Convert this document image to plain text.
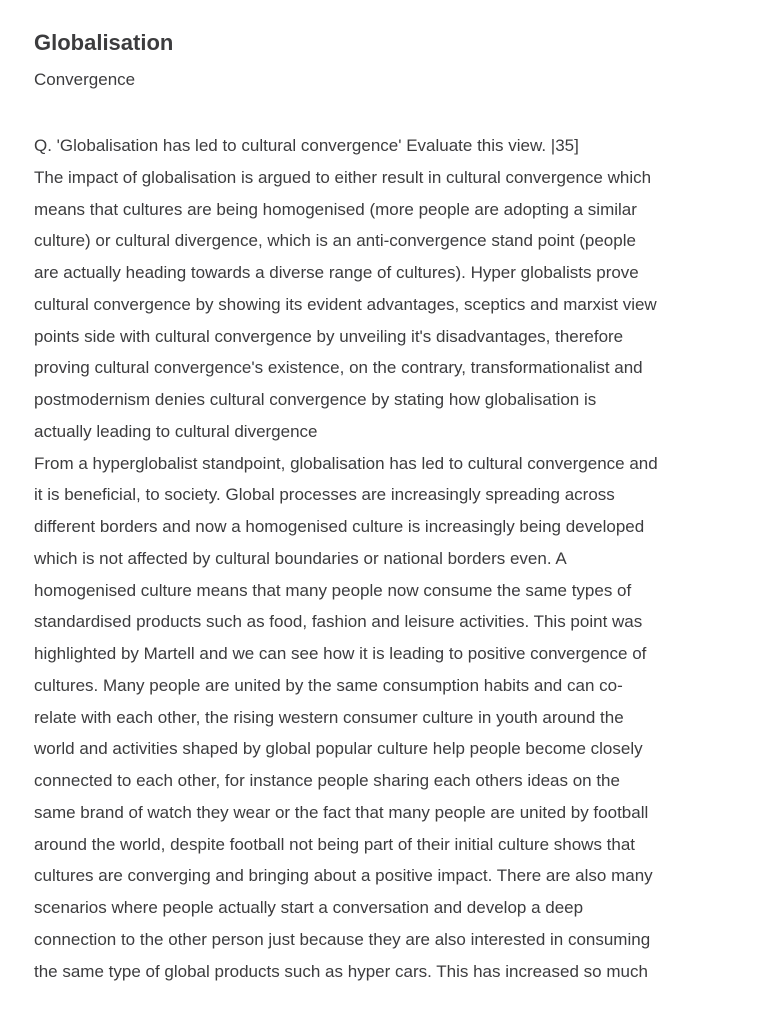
Globalisation

Convergence

Q. 'Globalisation has led to cultural convergence' Evaluate this view. |35]
The impact of globalisation is argued to either result in cultural convergence which
means that cultures are being homogenised (more people are adopting a similar
culture) or cultural divergence, which is an anti-convergence stand point (people
are actually heading towards a diverse range of cultures). Hyper globalists prove
cultural convergence by showing its evident advantages, sceptics and marxist view
points side with cultural convergence by unveiling it's disadvantages, therefore
proving cultural convergence's existence, on the contrary, transformationalist and
postmodernism denies cultural convergence by stating how globalisation is
actually leading to cultural divergence
From a hyperglobalist standpoint, globalisation has led to cultural convergence and
it is beneficial, to society. Global processes are increasingly spreading across
different borders and now a homogenised culture is increasingly being developed
which is not affected by cultural boundaries or national borders even. A
homogenised culture means that many people now consume the same types of
standardised products such as food, fashion and leisure activities. This point was
highlighted by Martell and we can see how it is leading to positive convergence of
cultures. Many people are united by the same consumption habits and can co-
relate with each other, the rising western consumer culture in youth around the
world and activities shaped by global popular culture help people become closely
connected to each other, for instance people sharing each others ideas on the
same brand of watch they wear or the fact that many people are united by football
around the world, despite football not being part of their initial culture shows that
cultures are converging and bringing about a positive impact. There are also many
scenarios where people actually start a conversation and develop a deep
connection to the other person just because they are also interested in consuming
the same type of global products such as hyper cars. This has increased so much
